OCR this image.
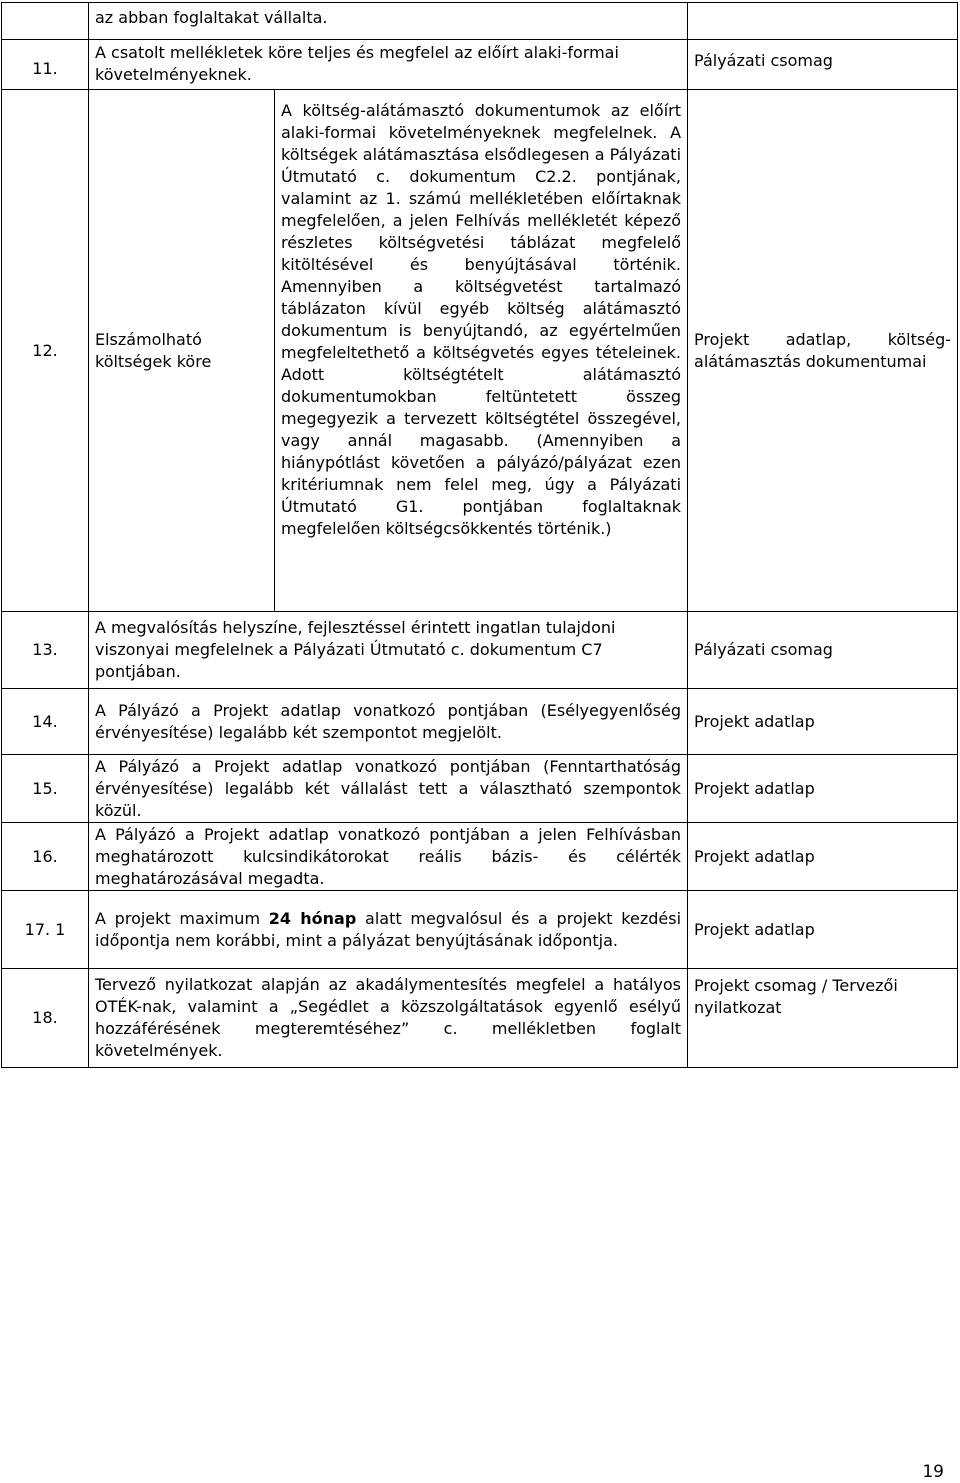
	az abban foglaltakat vállalta.		
11.	A csatolt mellékletek köre teljes és megfelel az előírt alaki-formai követelményeknek.		Pályázati csomag
12.	Elszámolható költségek köre	A költség-alátámasztó dokumentumok az előírt alaki-formai követelményeknek megfelelnek. A költségek alátámasztása elsődlegesen a Pályázati Útmutató c. dokumentum C2.2. pontjának, valamint az 1. számú mellékletében előírtaknak megfelelően, a jelen Felhívás mellékletét képező részletes költségvetési táblázat megfelelő kitöltésével és benyújtásával történik. Amennyiben a költségvetést tartalmazó táblázaton kívül egyéb költség alátámasztó dokumentum is benyújtandó, az egyértelműen megfeleltethető a költségvetés egyes tételeinek. Adott költségtételt alátámasztó dokumentumokban feltüntetett összeg megegyezik a tervezett költségtétel összegével, vagy annál magasabb. (Amennyiben a hiánypótlást követően a pályázó/pályázat ezen kritériumnak nem felel meg, úgy a Pályázati Útmutató G1. pontjában foglaltaknak megfelelően költségcsökkentés történik.)	Projekt adatlap, költség-alátámasztás dokumentumai
13.	A megvalósítás helyszíne, fejlesztéssel érintett ingatlan tulajdoni viszonyai megfelelnek a Pályázati Útmutató c. dokumentum C7 pontjában.		Pályázati csomag
14.	A Pályázó a Projekt adatlap vonatkozó pontjában (Esélyegyenlőség érvényesítése) legalább két szempontot megjelölt.		Projekt adatlap
15.	A Pályázó a Projekt adatlap vonatkozó pontjában (Fenntarthatóság érvényesítése) legalább két vállalást tett a választható szempontok közül.		Projekt adatlap
16.	A Pályázó a Projekt adatlap vonatkozó pontjában a jelen Felhívásban meghatározott kulcsindikátorokat reális bázis- és célérték meghatározásával megadta.		Projekt adatlap
17. 1	A projekt maximum 24 hónap alatt megvalósul és a projekt kezdési időpontja nem korábbi, mint a pályázat benyújtásának időpontja.		Projekt adatlap
18.	Tervező nyilatkozat alapján az akadálymentesítés megfelel a hatályos OTÉK-nak, valamint a „Segédlet a közszolgáltatások egyenlő esélyű hozzáférésének megteremtéséhez” c. mellékletben foglalt követelmények.		Projekt csomag / Tervezői nyilatkozat
19
